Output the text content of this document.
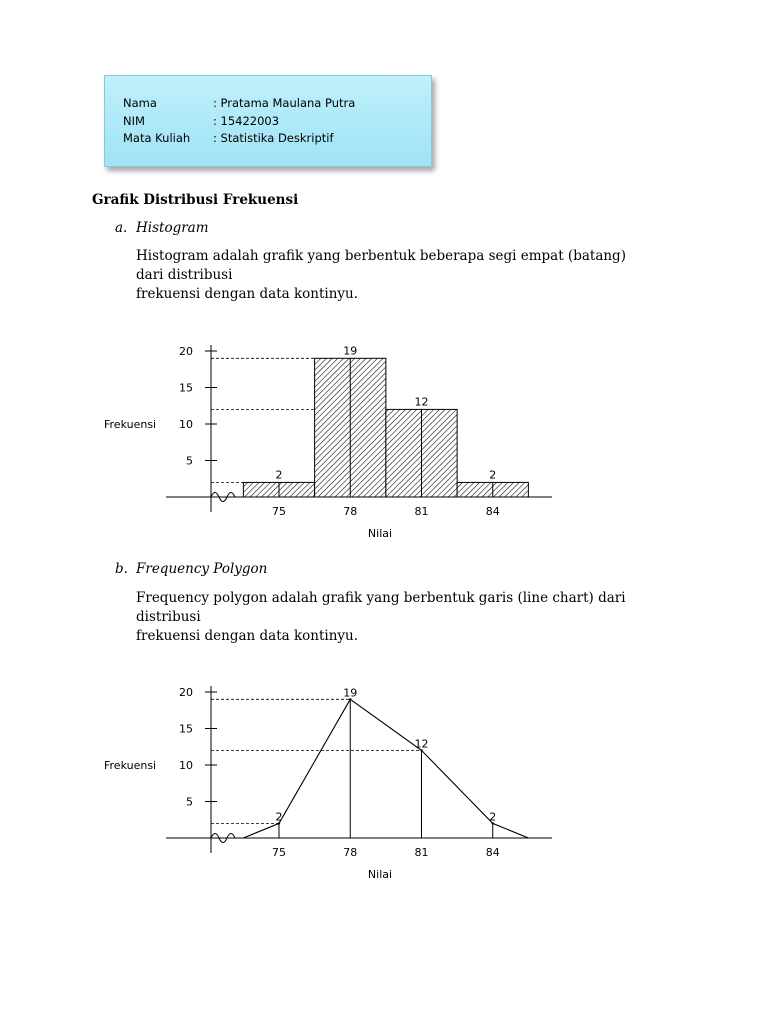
Nama	: Pratama Maulana Putra
NIM	: 15422003
Mata Kuliah : Statistika Deskriptif
Grafik Distribusi Frekuensi
a. Histogram
Histogram adalah grafik yang berbentuk beberapa segi empat (batang) dari distribusi
frekuensi dengan data kontinyu.
b. Frequency Polygon
Frequency polygon adalah grafik yang berbentuk garis (line chart) dari distribusi
frekuensi dengan data kontinyu.
5
10
15
20
75	78	81	84
Frekuensi
Nilai
2
19
12
2
5
10
15
20
75	78	81	84
Frekuensi
Nilai
2
19
12
2
